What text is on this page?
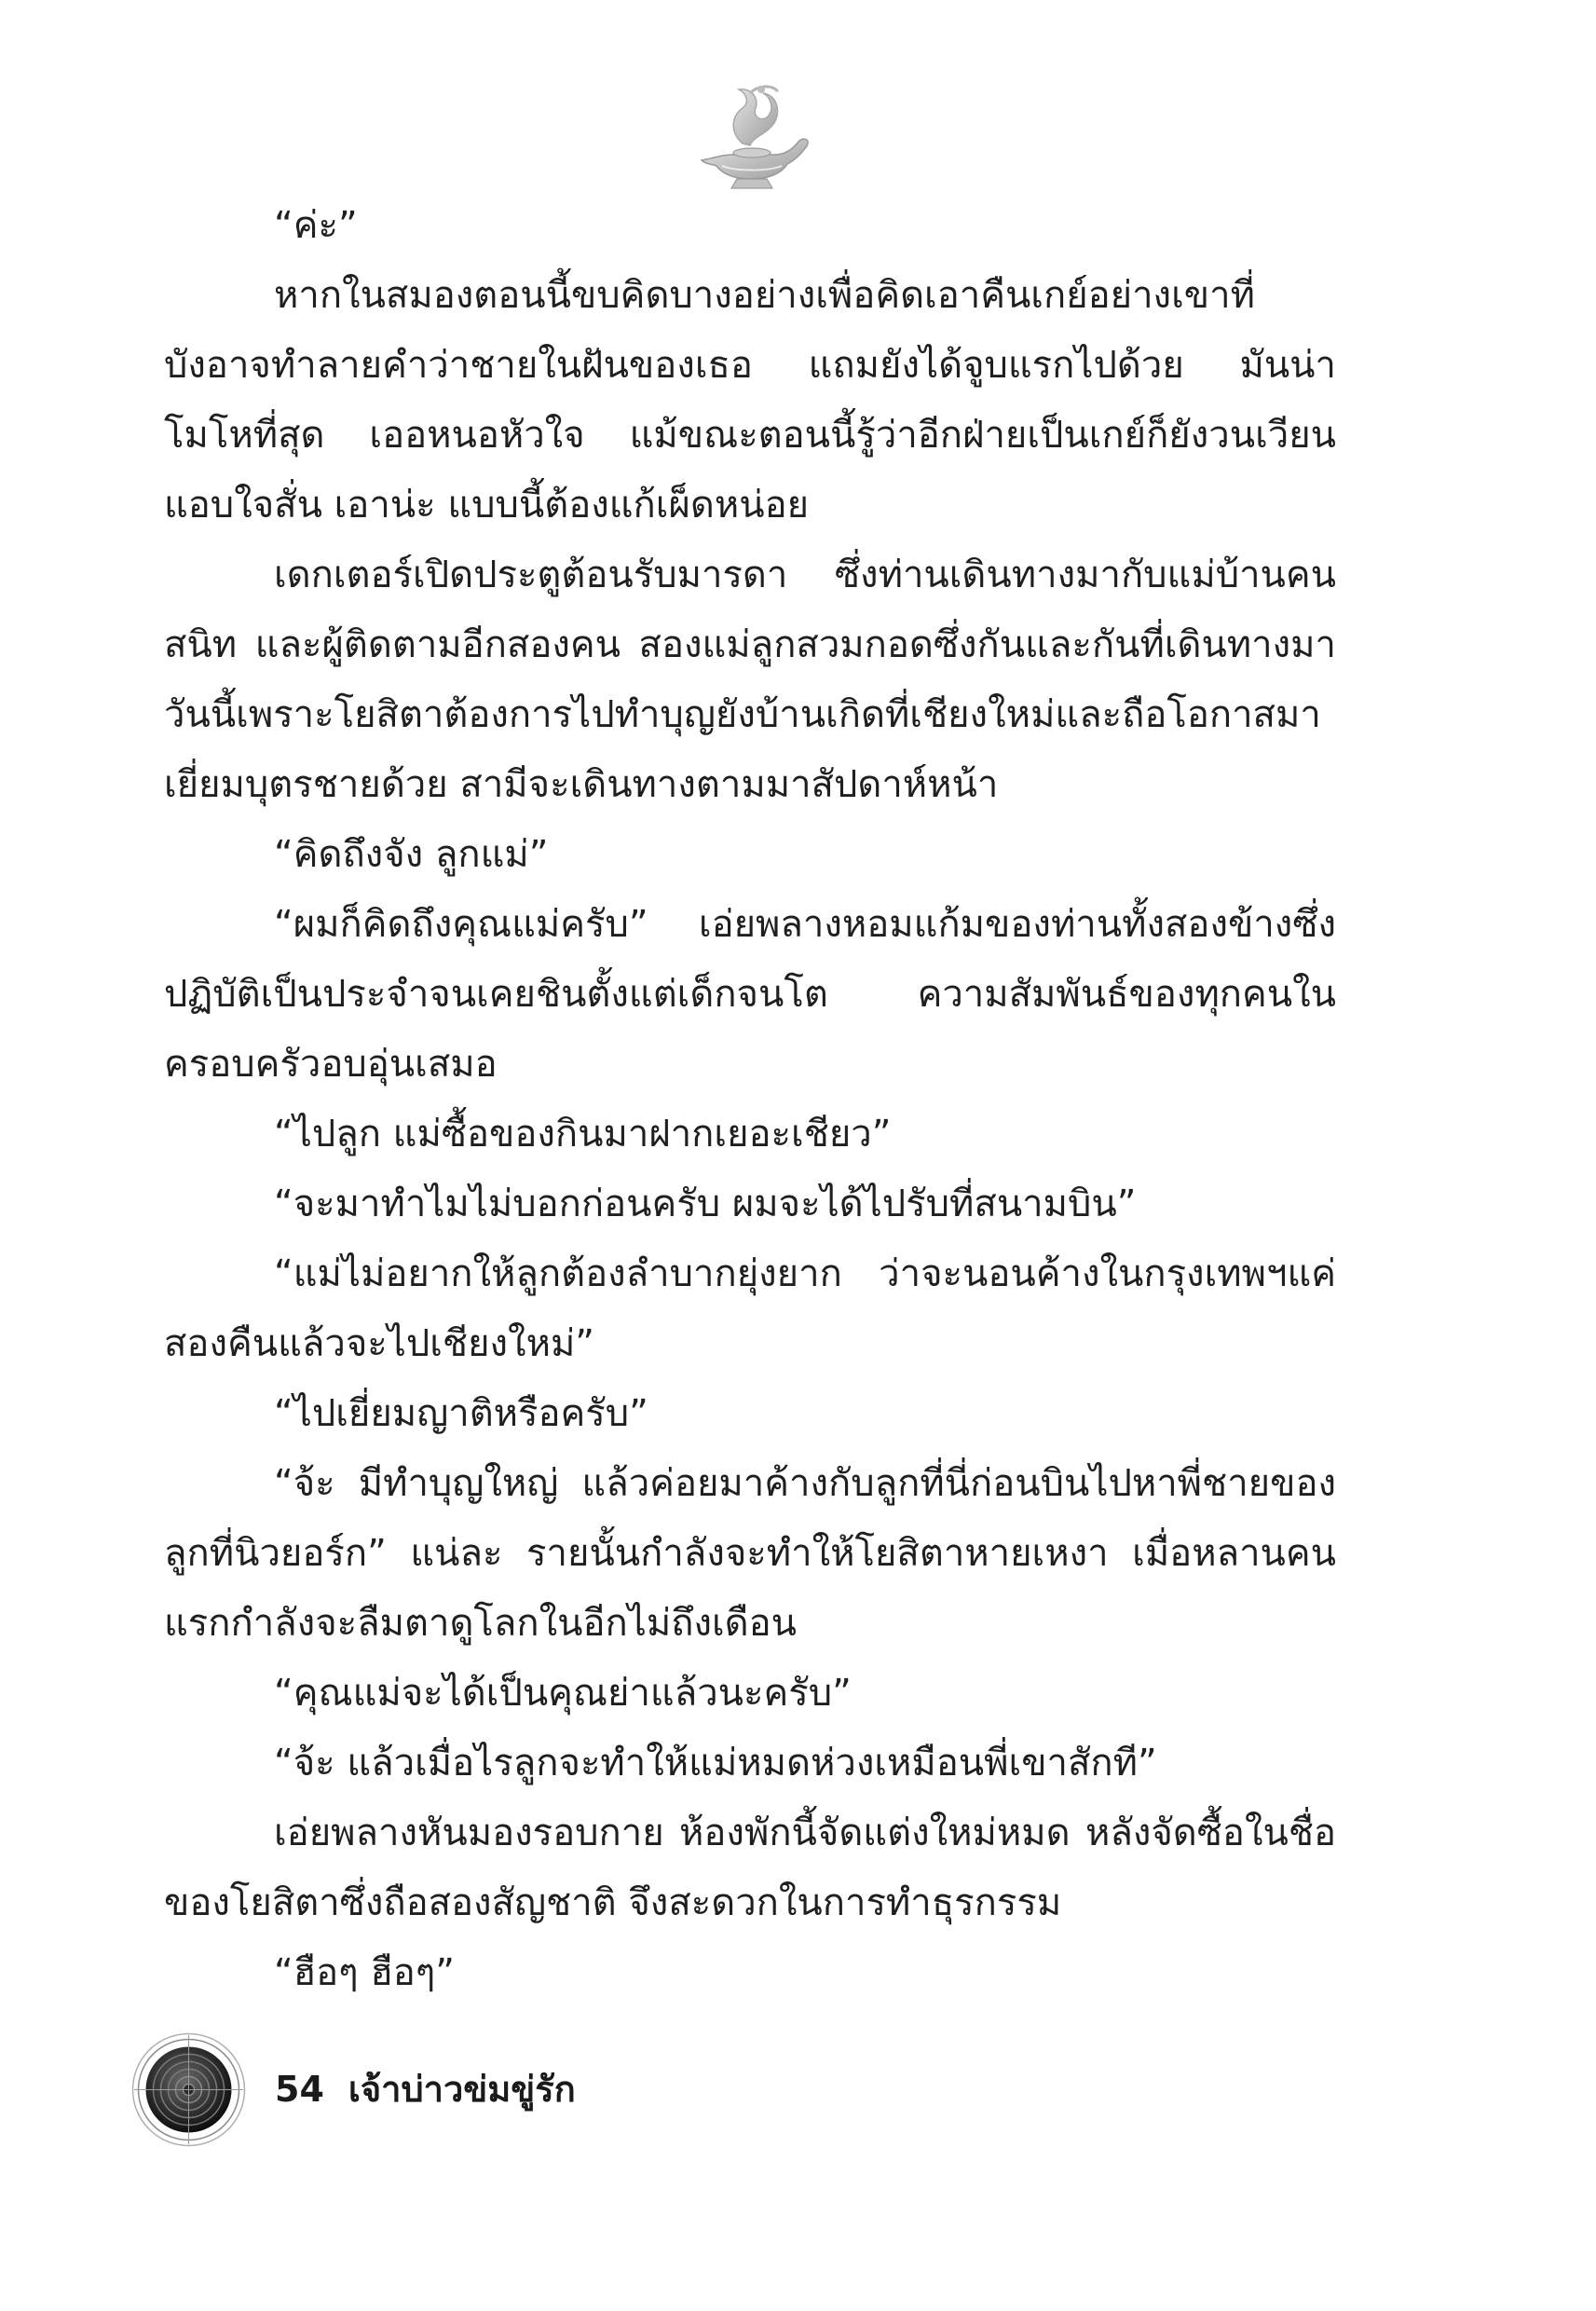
“ค่ะ”

หากในสมองตอนนี้ขบคิดบางอย่างเพื่อคิดเอาคืนเกย์อย่างเขาที่บังอาจทำลายคำว่าชายในฝันของเธอ แถมยังได้จูบแรกไปด้วย มันน่าโมโหที่สุด เออหนอหัวใจ แม้ขณะตอนนี้รู้ว่าอีกฝ่ายเป็นเกย์ก็ยังวนเวียนแอบใจสั่น เอาน่ะ แบบนี้ต้องแก้เผ็ดหน่อย

เดกเตอร์เปิดประตูต้อนรับมารดา ซึ่งท่านเดินทางมากับแม่บ้านคนสนิท และผู้ติดตามอีกสองคน สองแม่ลูกสวมกอดซึ่งกันและกันที่เดินทางมาวันนี้เพราะโยสิตาต้องการไปทำบุญยังบ้านเกิดที่เชียงใหม่และถือโอกาสมาเยี่ยมบุตรชายด้วย สามีจะเดินทางตามมาสัปดาห์หน้า

“คิดถึงจัง ลูกแม่”

“ผมก็คิดถึงคุณแม่ครับ” เอ่ยพลางหอมแก้มของท่านทั้งสองข้างซึ่งปฏิบัติเป็นประจำจนเคยชินตั้งแต่เด็กจนโต ความสัมพันธ์ของทุกคนในครอบครัวอบอุ่นเสมอ

“ไปลูก แม่ซื้อของกินมาฝากเยอะเชียว”

“จะมาทำไมไม่บอกก่อนครับ ผมจะได้ไปรับที่สนามบิน”

“แม่ไม่อยากให้ลูกต้องลำบากยุ่งยาก ว่าจะนอนค้างในกรุงเทพฯแค่สองคืนแล้วจะไปเชียงใหม่”

“ไปเยี่ยมญาติหรือครับ”

“จ้ะ มีทำบุญใหญ่ แล้วค่อยมาค้างกับลูกที่นี่ก่อนบินไปหาพี่ชายของลูกที่นิวยอร์ก” แน่ละ รายนั้นกำลังจะทำให้โยสิตาหายเหงา เมื่อหลานคนแรกกำลังจะลืมตาดูโลกในอีกไม่ถึงเดือน

“คุณแม่จะได้เป็นคุณย่าแล้วนะครับ”

“จ้ะ แล้วเมื่อไรลูกจะทำให้แม่หมดห่วงเหมือนพี่เขาสักที”

เอ่ยพลางหันมองรอบกาย ห้องพักนี้จัดแต่งใหม่หมด หลังจัดซื้อในชื่อของโยสิตาซึ่งถือสองสัญชาติ จึงสะดวกในการทำธุรกรรม

“ฮือๆ ฮือๆ”

54 เจ้าบ่าวข่มขู่รัก
